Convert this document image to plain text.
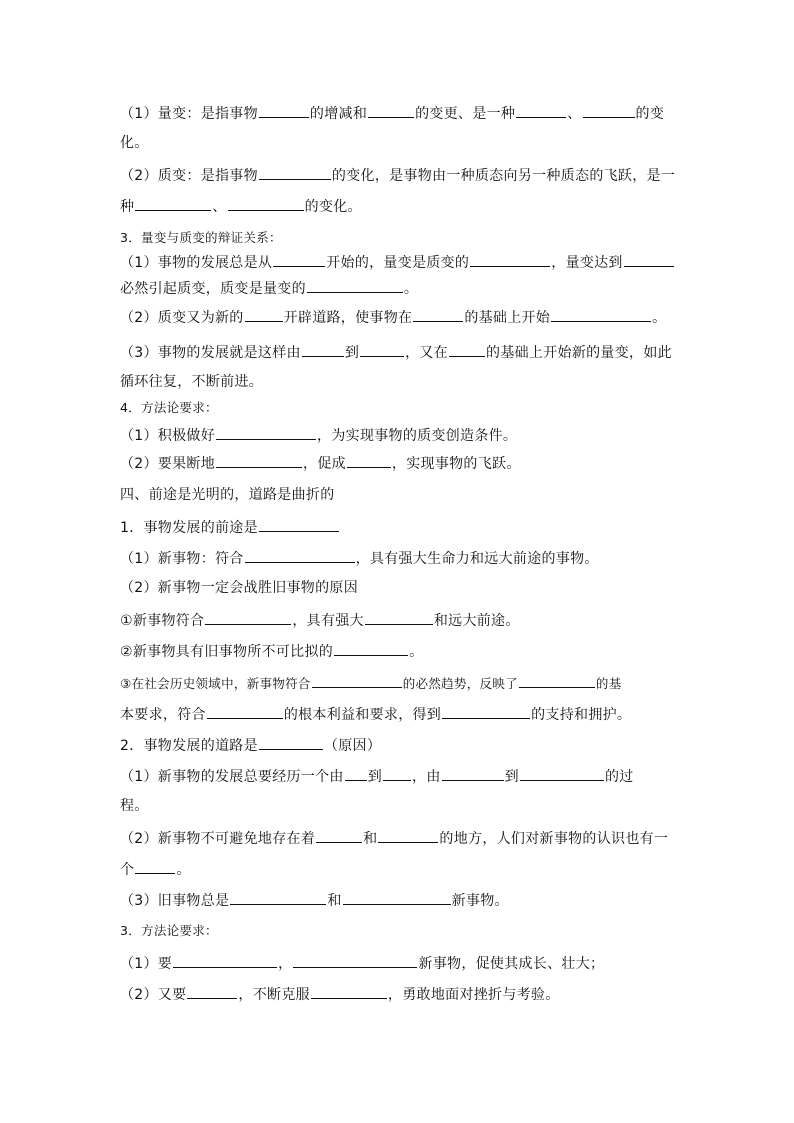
（1）量变：是指事物	的增减和	的变更、是一种	、	的变

化。

（2）质变：是指事物	的变化，是事物由一种质态向另一种质态的飞跃，是一

种	、	的变化。

3．量变与质变的辩证关系：

（1）事物的发展总是从	开始的，量变是质变的	，量变达到

必然引起质变，质变是量变的	。

（2）质变又为新的	开辟道路，使事物在	的基础上开始	。

（3）事物的发展就是这样由	到	，又在	的基础上开始新的量变，如此

循环往复，不断前进。

4．方法论要求：

（1）积极做好	，为实现事物的质变创造条件。

（2）要果断地	，促成	，实现事物的飞跃。

四、前途是光明的，道路是曲折的

1．事物发展的前途是

（1）新事物：符合	，具有强大生命力和远大前途的事物。

（2）新事物一定会战胜旧事物的原因

①新事物符合	，具有强大	和远大前途。

②新事物具有旧事物所不可比拟的	。

③在社会历史领域中，新事物符合	的必然趋势，反映了	的基

本要求，符合	的根本利益和要求，得到	的支持和拥护。

2．事物发展的道路是	（原因）

（1）新事物的发展总要经历一个由 到 ，由	到	的过

程。

（2）新事物不可避免地存在着	和	的地方，人们对新事物的认识也有一

个	。

（3）旧事物总是	和	新事物。

3．方法论要求：

（1）要	，	新事物，促使其成长、壮大；

（2）又要	，不断克服	，勇敢地面对挫折与考验。
